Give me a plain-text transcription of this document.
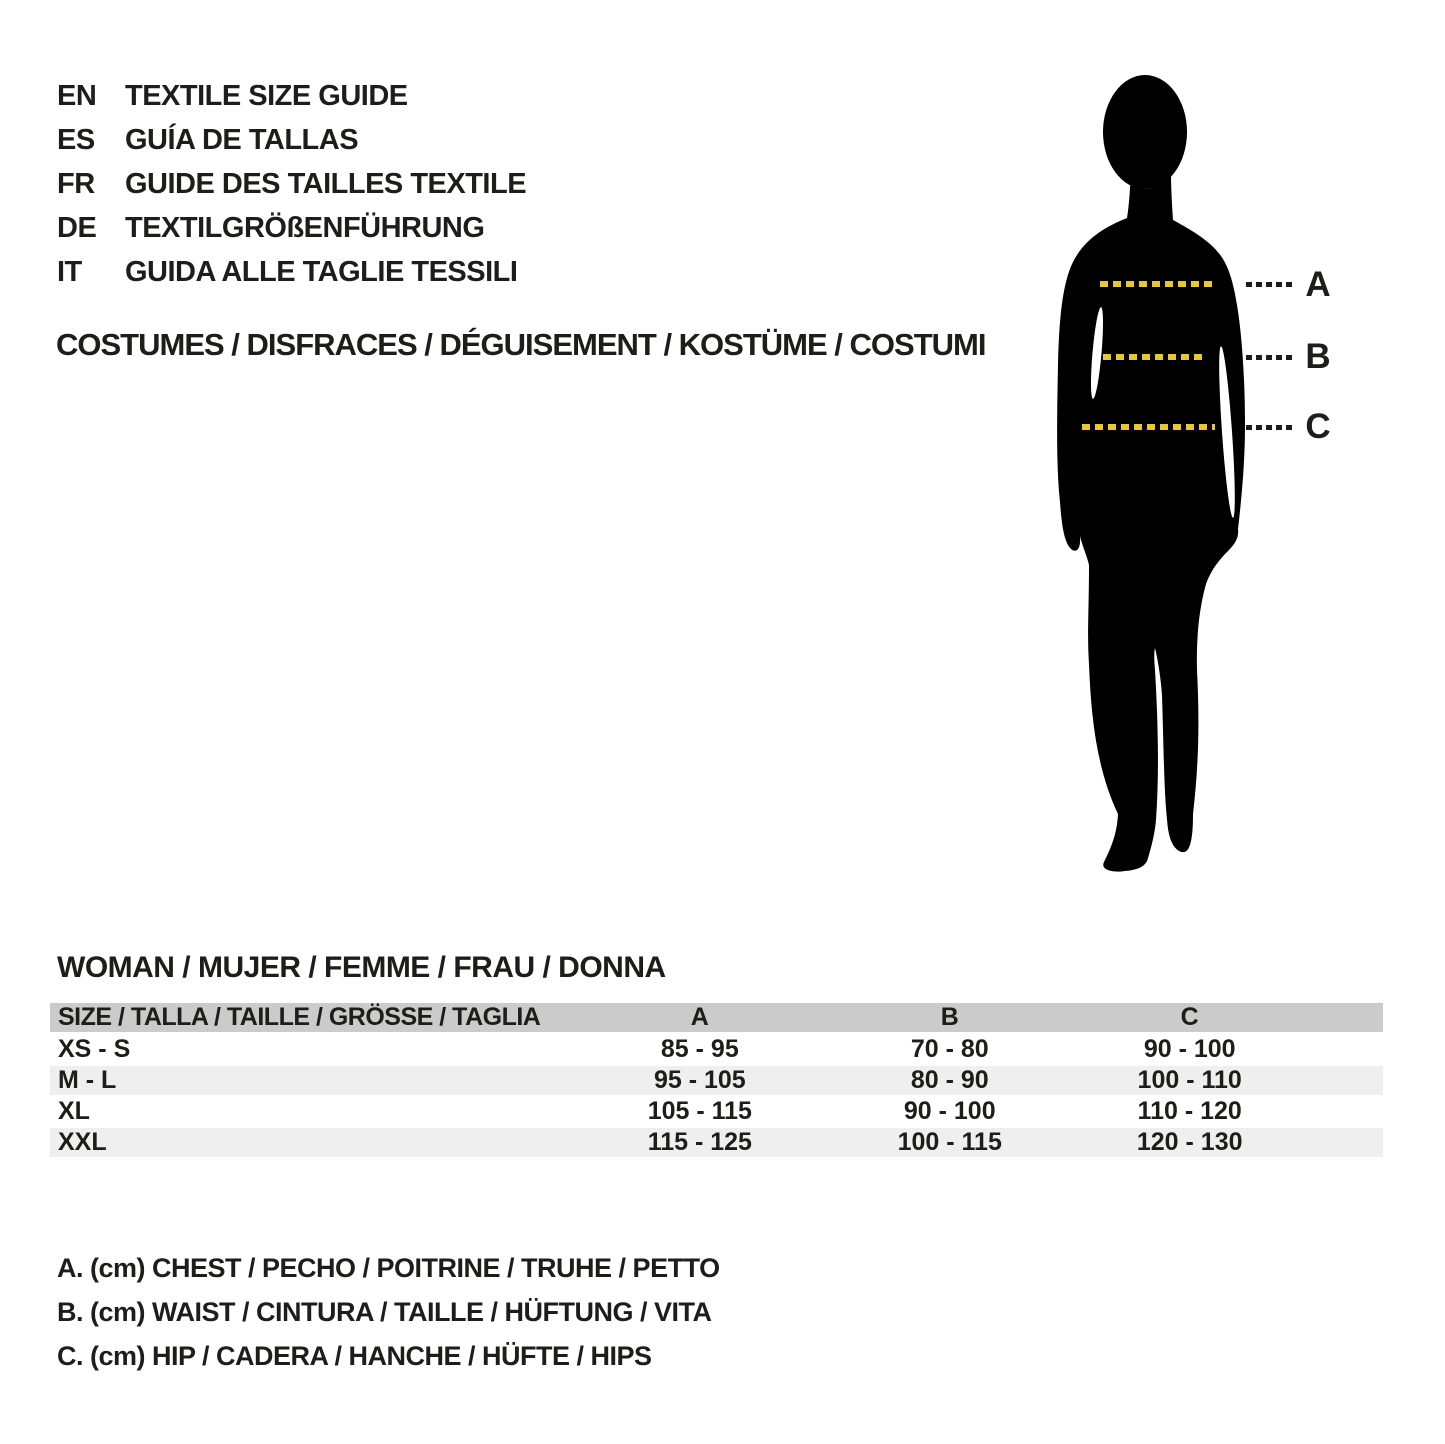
EN TEXTILE SIZE GUIDE
ES	GUÍA DE TALLAS
FR	GUIDE DES TAILLES TEXTILE
DE TEXTILGRÖßENFÜHRUNG
IT	GUIDA ALLE TAGLIE TESSILI
COSTUMES / DISFRACES / DÉGUISEMENT / KOSTÜME / COSTUMI
A
B
C
WOMAN / MUJER / FEMME / FRAU / DONNA
SIZE / TALLA / TAILLE / GRÖSSE / TAGLIA	A	B	C	
XS - S	85 - 95	70 - 80	90 - 100	
M - L	95 - 105	80 - 90	100 - 110	
XL	105 - 115	90 - 100	110 - 120	
XXL	115 - 125	100 - 115	120 - 130	
A. (cm) CHEST / PECHO / POITRINE / TRUHE / PETTO
B. (cm) WAIST / CINTURA / TAILLE / HÜFTUNG / VITA
C. (cm) HIP / CADERA / HANCHE / HÜFTE / HIPS
